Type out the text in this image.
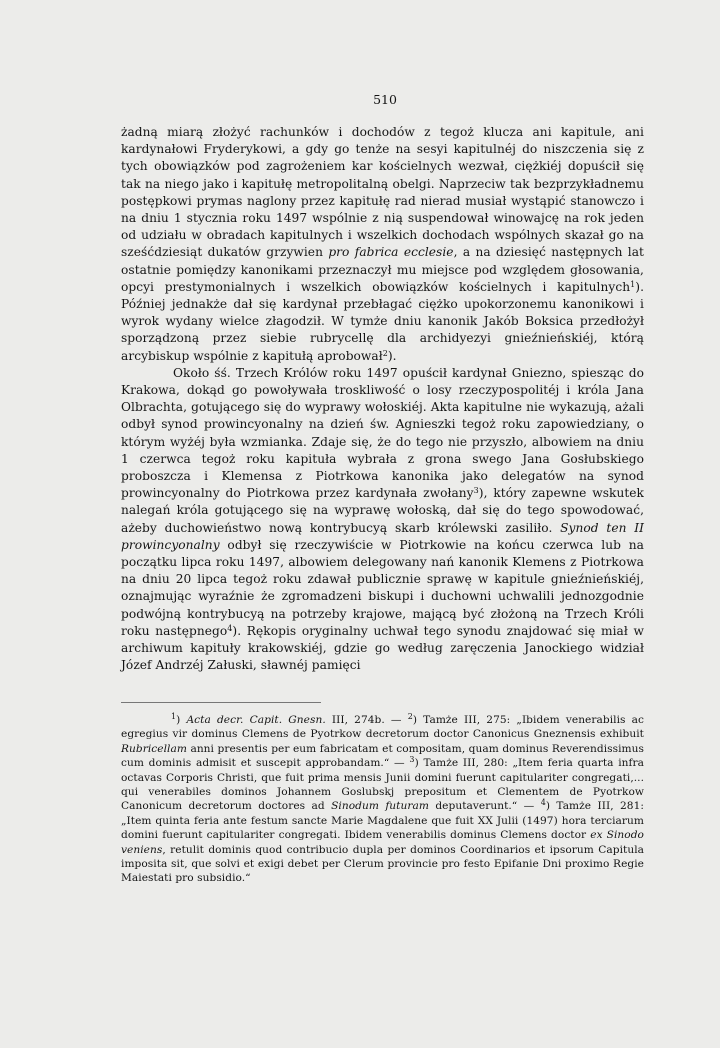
510

żadną miarą złożyć rachunków i dochodów z tegoż klucza ani kapitule, ani kardynałowi Fryderykowi, a gdy go tenże na sesyi kapitulnéj do niszczenia się z tych obowiązków pod zagrożeniem kar kościelnych wezwał, ciężkiéj dopuścił się tak na niego jako i kapitułę metropolitalną obelgi. Naprzeciw tak bezprzykładnemu postępkowi prymas naglony przez kapitułę rad nierad musiał wystąpić stanowczo i na dniu 1 stycznia roku 1497 wspólnie z nią suspendował winowajcę na rok jeden od udziału w obradach kapitulnych i wszelkich dochodach wspólnych skazał go na sześćdziesiąt dukatów grzywien pro fabrica ecclesie, a na dziesięć następnych lat ostatnie pomiędzy kanonikami przeznaczył mu miejsce pod względem głosowania, opcyi prestymonialnych i wszelkich obowiązków kościelnych i kapitulnych$^1$). Później jednakże dał się kardynał przebłagać ciężko upokorzonemu kanonikowi i wyrok wydany wielce złagodził. W tymże dniu kanonik Jakób Boksica przedłożył sporządzoną przez siebie rubrycellę dla archidyezyi gnieźnieńskiéj, którą arcybiskup wspólnie z kapitułą aprobował$^2$).

Około śś. Trzech Królów roku 1497 opuścił kardynał Gniezno, spiesząc do Krakowa, dokąd go powoływała troskliwość o losy rzeczypospolitéj i króla Jana Olbrachta, gotującego się do wyprawy wołoskiéj. Akta kapitulne nie wykazują, ażali odbył synod prowincyonalny na dzień św. Agnieszki tegoż roku zapowiedziany, o którym wyżéj była wzmianka. Zdaje się, że do tego nie przyszło, albowiem na dniu 1 czerwca tegoż roku kapituła wybrała z grona swego Jana Gosłubskiego proboszcza i Klemensa z Piotrkowa kanonika jako delegatów na synod prowincyonalny do Piotrkowa przez kardynała zwołany$^3$), który zapewne wskutek nalegań króla gotującego się na wyprawę wołoską, dał się do tego spowodować, ażeby duchowieństwo nową kontrybucyą skarb królewski zasiliło. Synod ten II prowincyonalny odbył się rzeczywiście w Piotrkowie na końcu czerwca lub na początku lipca roku 1497, albowiem delegowany nań kanonik Klemens z Piotrkowa na dniu 20 lipca tegoż roku zdawał publicznie sprawę w kapitule gnieźnieńskiéj, oznajmując wyraźnie że zgromadzeni biskupi i duchowni uchwalili jednozgodnie podwójną kontrybucyą na potrzeby krajowe, mającą być złożoną na Trzech Króli roku następnego$^4$). Rękopis oryginalny uchwał tego synodu znajdować się miał w archiwum kapituły krakowskiéj, gdzie go według zaręczenia Janockiego widział Józef Andrzéj Załuski, sławnéj pamięci

$^1$) Acta decr. Capit. Gnesn. III, 274b. — $^2$) Tamże III, 275: „Ibidem venerabilis ac egregius vir dominus Clemens de Pyotrkow decretorum doctor Canonicus Gneznensis exhibuit Rubricellam anni presentis per eum fabricatam et compositam, quam dominus Reverendissimus cum dominis admisit et suscepit approbandam.“ — $^3$) Tamże III, 280: „Item feria quarta infra octavas Corporis Christi, que fuit prima mensis Junii domini fuerunt capitulariter congregati,... qui venerabiles dominos Johannem Goslubskj prepositum et Clementem de Pyotrkow Canonicum decretorum doctores ad Sinodum futuram deputaverunt.“ — $^4$) Tamże III, 281: „Item quinta feria ante festum sancte Marie Magdalene que fuit XX Julii (1497) hora terciarum domini fuerunt capitulariter congregati. Ibidem venerabilis dominus Clemens doctor ex Sinodo veniens, retulit dominis quod contribucio dupla per dominos Coordinarios et ipsorum Capitula imposita sit, que solvi et exigi debet per Clerum provincie pro festo Epifanie Dni proximo Regie Maiestati pro subsidio.“
